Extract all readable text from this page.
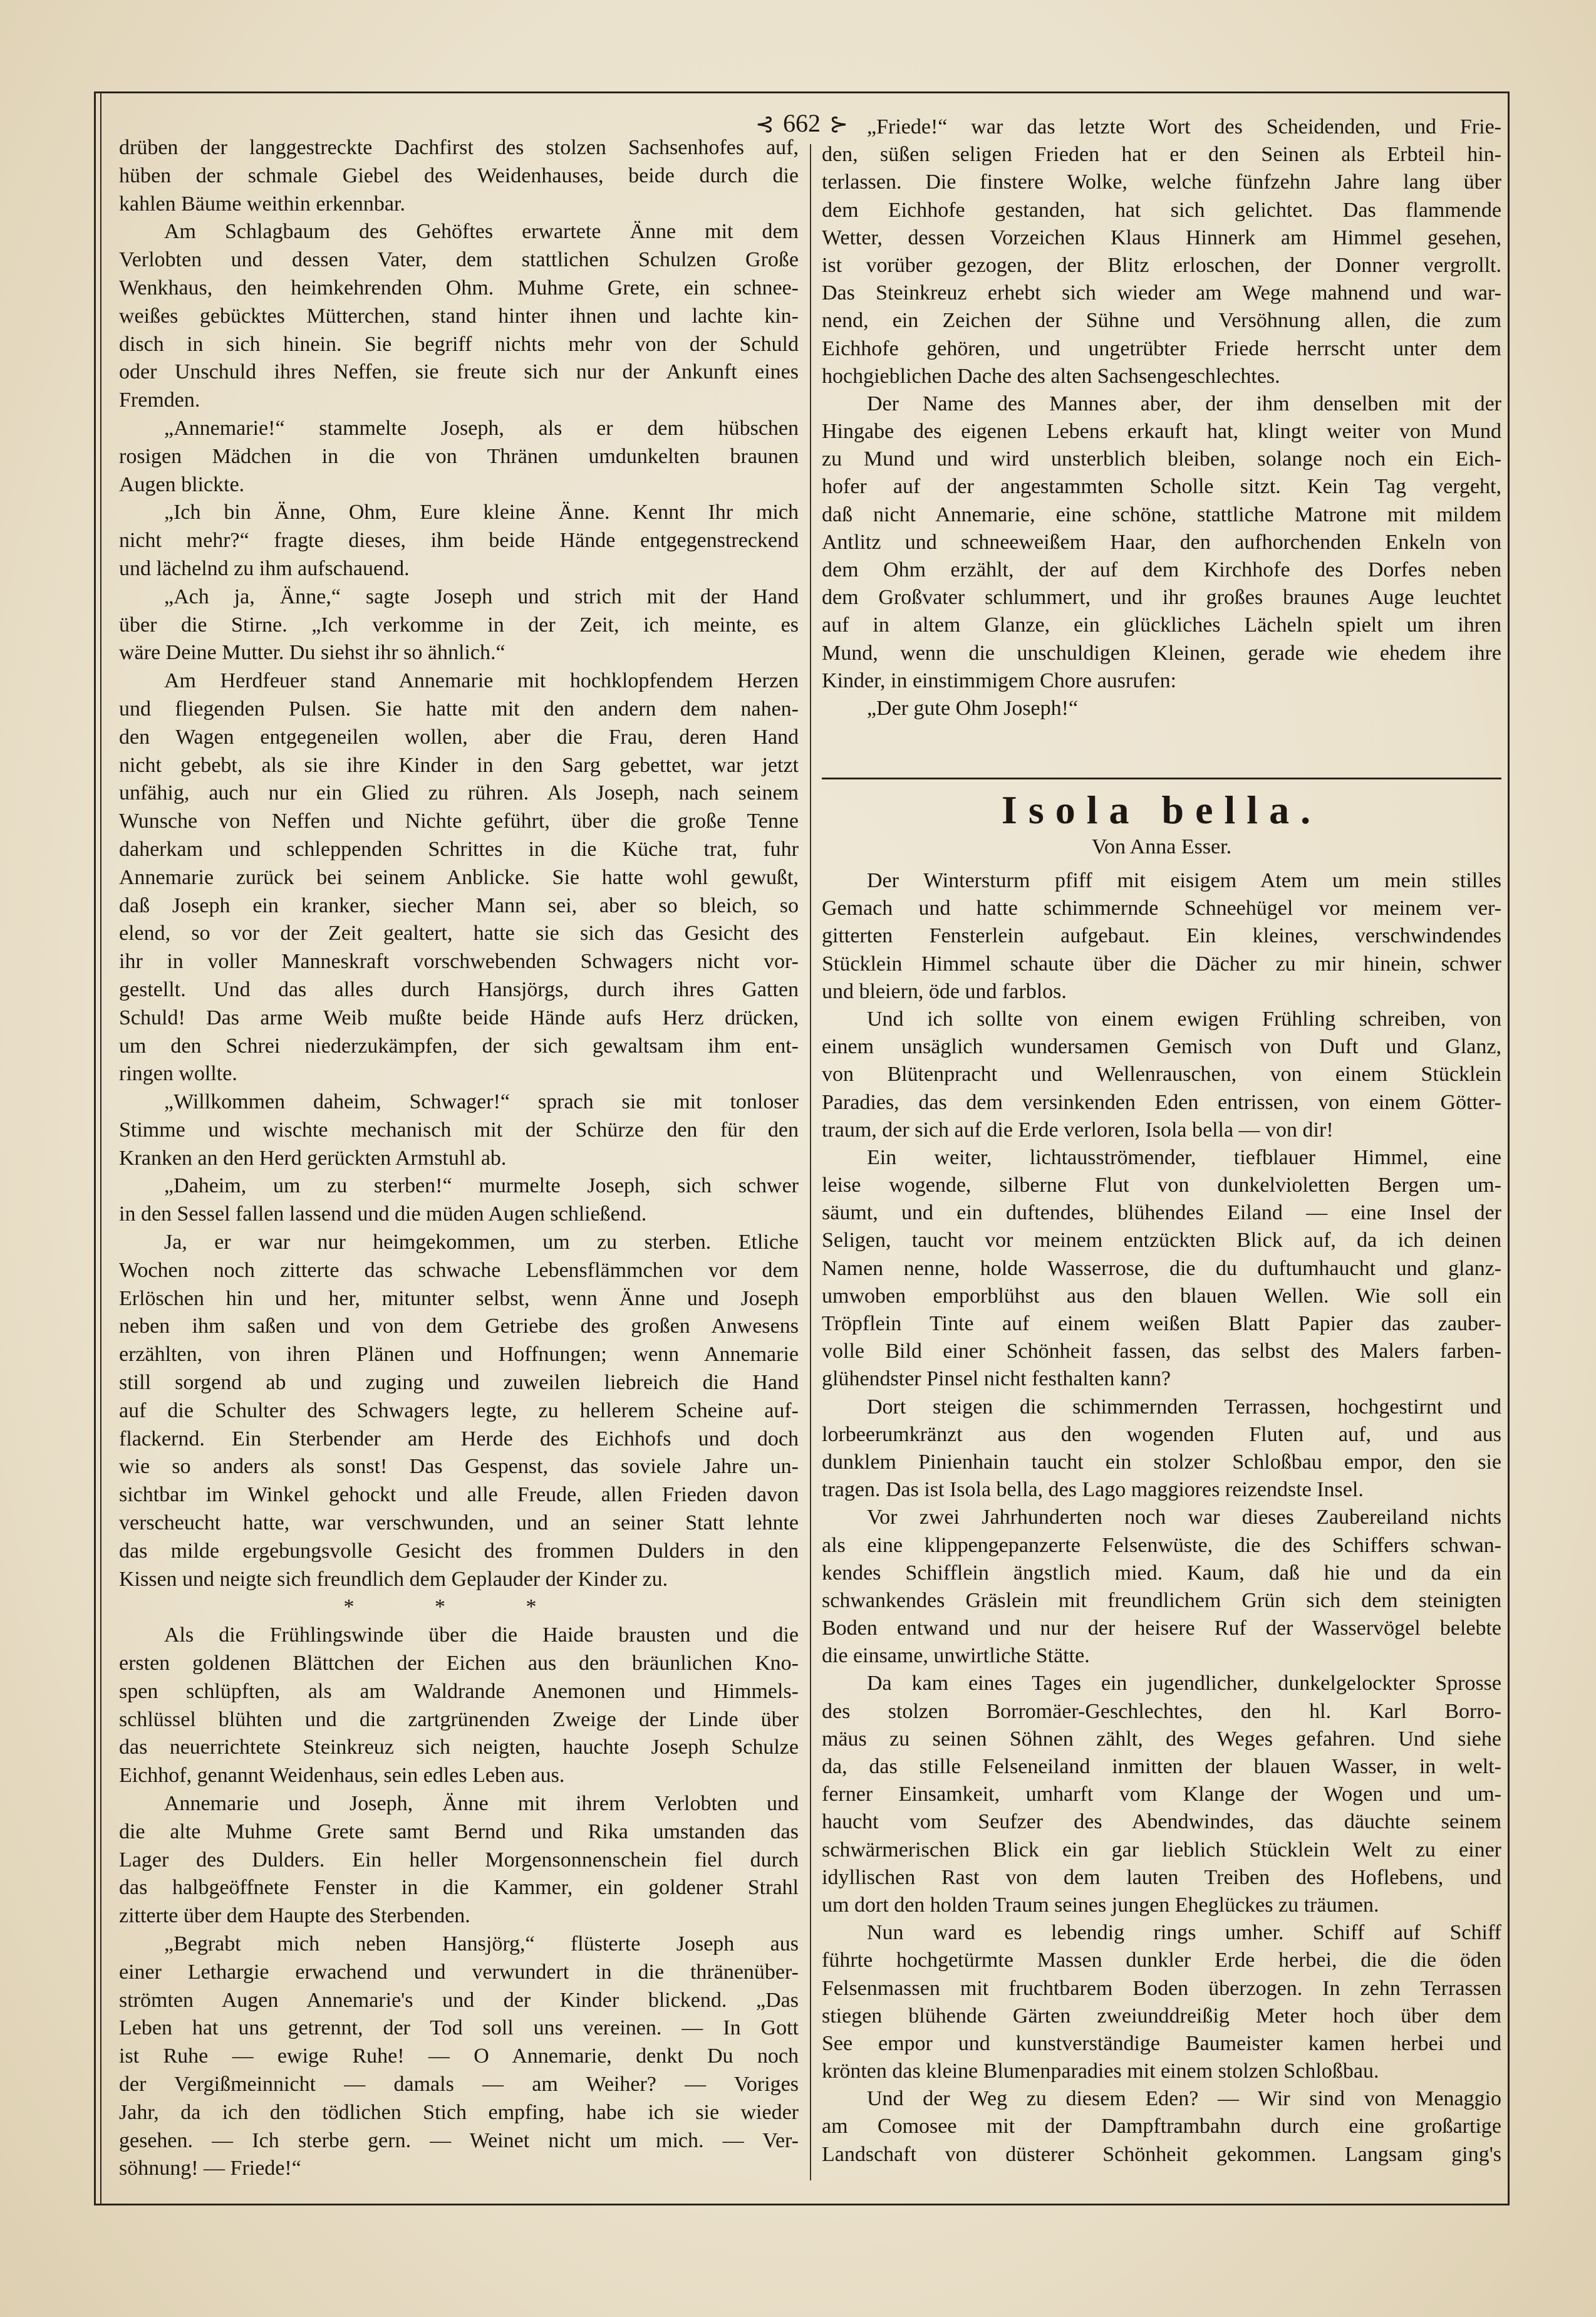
⊰ 662 ⊱
drüben der langgestreckte Dachfirst des stolzen Sachsenhofes auf,
hüben der schmale Giebel des Weidenhauses, beide durch die
kahlen Bäume weithin erkennbar.
Am Schlagbaum des Gehöftes erwartete Änne mit dem
Verlobten und dessen Vater, dem stattlichen Schulzen Große
Wenkhaus, den heimkehrenden Ohm. Muhme Grete, ein schnee-
weißes gebücktes Mütterchen, stand hinter ihnen und lachte kin-
disch in sich hinein. Sie begriff nichts mehr von der Schuld
oder Unschuld ihres Neffen, sie freute sich nur der Ankunft eines
Fremden.
„Annemarie!“ stammelte Joseph, als er dem hübschen
rosigen Mädchen in die von Thränen umdunkelten braunen
Augen blickte.
„Ich bin Änne, Ohm, Eure kleine Änne. Kennt Ihr mich
nicht mehr?“ fragte dieses, ihm beide Hände entgegenstreckend
und lächelnd zu ihm aufschauend.
„Ach ja, Änne,“ sagte Joseph und strich mit der Hand
über die Stirne. „Ich verkomme in der Zeit, ich meinte, es
wäre Deine Mutter. Du siehst ihr so ähnlich.“
Am Herdfeuer stand Annemarie mit hochklopfendem Herzen
und fliegenden Pulsen. Sie hatte mit den andern dem nahen-
den Wagen entgegeneilen wollen, aber die Frau, deren Hand
nicht gebebt, als sie ihre Kinder in den Sarg gebettet, war jetzt
unfähig, auch nur ein Glied zu rühren. Als Joseph, nach seinem
Wunsche von Neffen und Nichte geführt, über die große Tenne
daherkam und schleppenden Schrittes in die Küche trat, fuhr
Annemarie zurück bei seinem Anblicke. Sie hatte wohl gewußt,
daß Joseph ein kranker, siecher Mann sei, aber so bleich, so
elend, so vor der Zeit gealtert, hatte sie sich das Gesicht des
ihr in voller Manneskraft vorschwebenden Schwagers nicht vor-
gestellt. Und das alles durch Hansjörgs, durch ihres Gatten
Schuld! Das arme Weib mußte beide Hände aufs Herz drücken,
um den Schrei niederzukämpfen, der sich gewaltsam ihm ent-
ringen wollte.
„Willkommen daheim, Schwager!“ sprach sie mit tonloser
Stimme und wischte mechanisch mit der Schürze den für den
Kranken an den Herd gerückten Armstuhl ab.
„Daheim, um zu sterben!“ murmelte Joseph, sich schwer
in den Sessel fallen lassend und die müden Augen schließend.
Ja, er war nur heimgekommen, um zu sterben. Etliche
Wochen noch zitterte das schwache Lebensflämmchen vor dem
Erlöschen hin und her, mitunter selbst, wenn Änne und Joseph
neben ihm saßen und von dem Getriebe des großen Anwesens
erzählten, von ihren Plänen und Hoffnungen; wenn Annemarie
still sorgend ab und zuging und zuweilen liebreich die Hand
auf die Schulter des Schwagers legte, zu hellerem Scheine auf-
flackernd. Ein Sterbender am Herde des Eichhofs und doch
wie so anders als sonst! Das Gespenst, das soviele Jahre un-
sichtbar im Winkel gehockt und alle Freude, allen Frieden davon
verscheucht hatte, war verschwunden, und an seiner Statt lehnte
das milde ergebungsvolle Gesicht des frommen Dulders in den
Kissen und neigte sich freundlich dem Geplauder der Kinder zu.
* * *
Als die Frühlingswinde über die Haide brausten und die
ersten goldenen Blättchen der Eichen aus den bräunlichen Kno-
spen schlüpften, als am Waldrande Anemonen und Himmels-
schlüssel blühten und die zartgrünenden Zweige der Linde über
das neuerrichtete Steinkreuz sich neigten, hauchte Joseph Schulze
Eichhof, genannt Weidenhaus, sein edles Leben aus.
Annemarie und Joseph, Änne mit ihrem Verlobten und
die alte Muhme Grete samt Bernd und Rika umstanden das
Lager des Dulders. Ein heller Morgensonnenschein fiel durch
das halbgeöffnete Fenster in die Kammer, ein goldener Strahl
zitterte über dem Haupte des Sterbenden.
„Begrabt mich neben Hansjörg,“ flüsterte Joseph aus
einer Lethargie erwachend und verwundert in die thränenüber-
strömten Augen Annemarie's und der Kinder blickend. „Das
Leben hat uns getrennt, der Tod soll uns vereinen. — In Gott
ist Ruhe — ewige Ruhe! — O Annemarie, denkt Du noch
der Vergißmeinnicht — damals — am Weiher? — Voriges
Jahr, da ich den tödlichen Stich empfing, habe ich sie wieder
gesehen. — Ich sterbe gern. — Weinet nicht um mich. — Ver-
söhnung! — Friede!“
„Friede!“ war das letzte Wort des Scheidenden, und Frie-
den, süßen seligen Frieden hat er den Seinen als Erbteil hin-
terlassen. Die finstere Wolke, welche fünfzehn Jahre lang über
dem Eichhofe gestanden, hat sich gelichtet. Das flammende
Wetter, dessen Vorzeichen Klaus Hinnerk am Himmel gesehen,
ist vorüber gezogen, der Blitz erloschen, der Donner vergrollt.
Das Steinkreuz erhebt sich wieder am Wege mahnend und war-
nend, ein Zeichen der Sühne und Versöhnung allen, die zum
Eichhofe gehören, und ungetrübter Friede herrscht unter dem
hochgieblichen Dache des alten Sachsengeschlechtes.
Der Name des Mannes aber, der ihm denselben mit der
Hingabe des eigenen Lebens erkauft hat, klingt weiter von Mund
zu Mund und wird unsterblich bleiben, solange noch ein Eich-
hofer auf der angestammten Scholle sitzt. Kein Tag vergeht,
daß nicht Annemarie, eine schöne, stattliche Matrone mit mildem
Antlitz und schneeweißem Haar, den aufhorchenden Enkeln von
dem Ohm erzählt, der auf dem Kirchhofe des Dorfes neben
dem Großvater schlummert, und ihr großes braunes Auge leuchtet
auf in altem Glanze, ein glückliches Lächeln spielt um ihren
Mund, wenn die unschuldigen Kleinen, gerade wie ehedem ihre
Kinder, in einstimmigem Chore ausrufen:
„Der gute Ohm Joseph!“
Isola bella.
Von Anna Esser.
Der Wintersturm pfiff mit eisigem Atem um mein stilles
Gemach und hatte schimmernde Schneehügel vor meinem ver-
gitterten Fensterlein aufgebaut. Ein kleines, verschwindendes
Stücklein Himmel schaute über die Dächer zu mir hinein, schwer
und bleiern, öde und farblos.
Und ich sollte von einem ewigen Frühling schreiben, von
einem unsäglich wundersamen Gemisch von Duft und Glanz,
von Blütenpracht und Wellenrauschen, von einem Stücklein
Paradies, das dem versinkenden Eden entrissen, von einem Götter-
traum, der sich auf die Erde verloren, Isola bella — von dir!
Ein weiter, lichtausströmender, tiefblauer Himmel, eine
leise wogende, silberne Flut von dunkelvioletten Bergen um-
säumt, und ein duftendes, blühendes Eiland — eine Insel der
Seligen, taucht vor meinem entzückten Blick auf, da ich deinen
Namen nenne, holde Wasserrose, die du duftumhaucht und glanz-
umwoben emporblühst aus den blauen Wellen. Wie soll ein
Tröpflein Tinte auf einem weißen Blatt Papier das zauber-
volle Bild einer Schönheit fassen, das selbst des Malers farben-
glühendster Pinsel nicht festhalten kann?
Dort steigen die schimmernden Terrassen, hochgestirnt und
lorbeerumkränzt aus den wogenden Fluten auf, und aus
dunklem Pinienhain taucht ein stolzer Schloßbau empor, den sie
tragen. Das ist Isola bella, des Lago maggiores reizendste Insel.
Vor zwei Jahrhunderten noch war dieses Zaubereiland nichts
als eine klippengepanzerte Felsenwüste, die des Schiffers schwan-
kendes Schifflein ängstlich mied. Kaum, daß hie und da ein
schwankendes Gräslein mit freundlichem Grün sich dem steinigten
Boden entwand und nur der heisere Ruf der Wasservögel belebte
die einsame, unwirtliche Stätte.
Da kam eines Tages ein jugendlicher, dunkelgelockter Sprosse
des stolzen Borromäer-Geschlechtes, den hl. Karl Borro-
mäus zu seinen Söhnen zählt, des Weges gefahren. Und siehe
da, das stille Felseneiland inmitten der blauen Wasser, in welt-
ferner Einsamkeit, umharft vom Klange der Wogen und um-
haucht vom Seufzer des Abendwindes, das däuchte seinem
schwärmerischen Blick ein gar lieblich Stücklein Welt zu einer
idyllischen Rast von dem lauten Treiben des Hoflebens, und
um dort den holden Traum seines jungen Eheglückes zu träumen.
Nun ward es lebendig rings umher. Schiff auf Schiff
führte hochgetürmte Massen dunkler Erde herbei, die die öden
Felsenmassen mit fruchtbarem Boden überzogen. In zehn Terrassen
stiegen blühende Gärten zweiunddreißig Meter hoch über dem
See empor und kunstverständige Baumeister kamen herbei und
krönten das kleine Blumenparadies mit einem stolzen Schloßbau.
Und der Weg zu diesem Eden? — Wir sind von Menaggio
am Comosee mit der Dampftrambahn durch eine großartige
Landschaft von düsterer Schönheit gekommen. Langsam ging's
